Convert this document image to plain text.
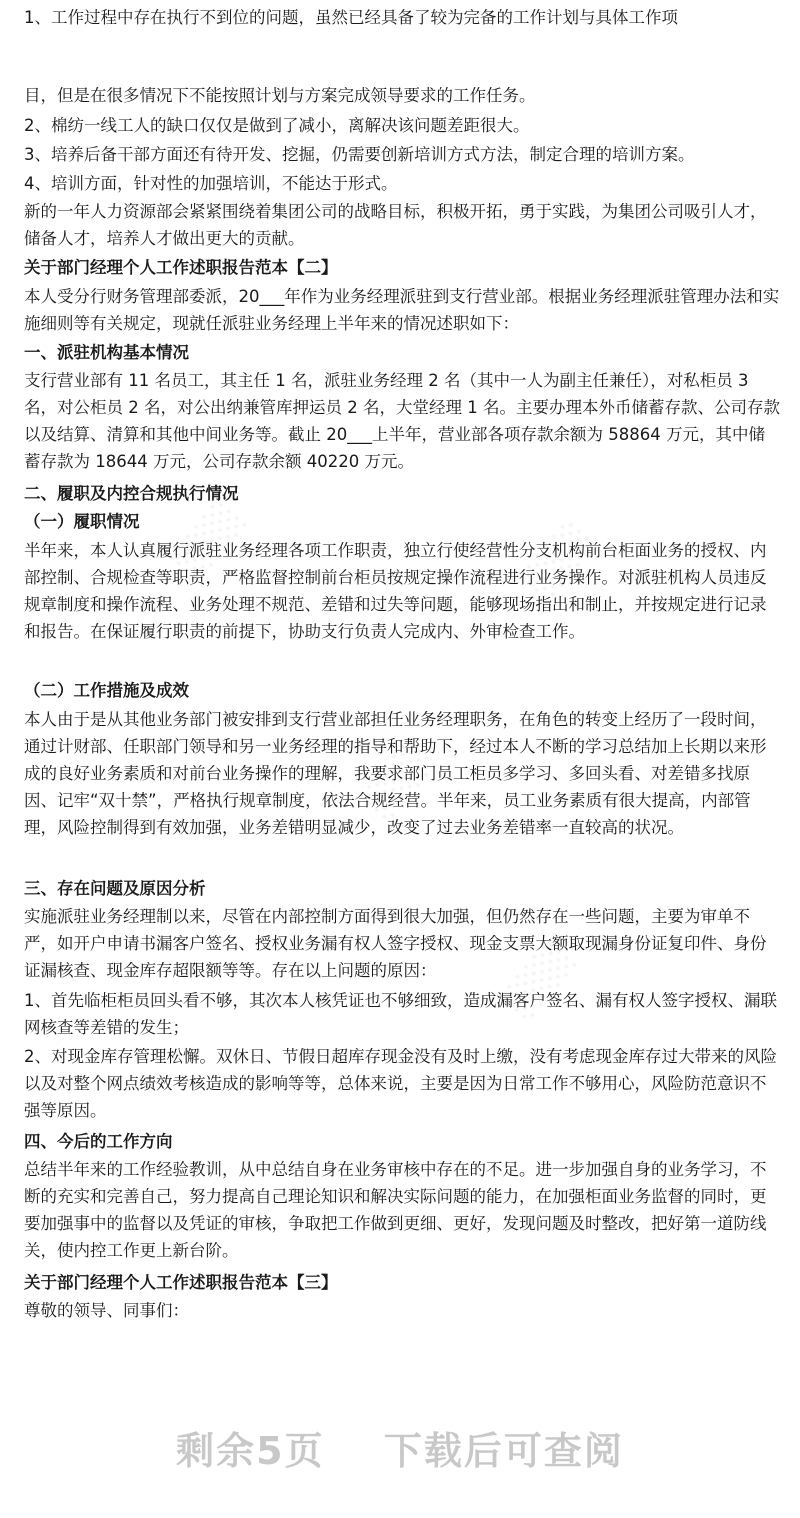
░░░	░░░
░░░
░░░

1、工作过程中存在执行不到位的问题，虽然已经具备了较为完备的工作计划与具体工作项

目，但是在很多情况下不能按照计划与方案完成领导要求的工作任务。

2、棉纺一线工人的缺口仅仅是做到了减小，离解决该问题差距很大。

3、培养后备干部方面还有待开发、挖掘，仍需要创新培训方式方法，制定合理的培训方案。

4、培训方面，针对性的加强培训，不能达于形式。

新的一年人力资源部会紧紧围绕着集团公司的战略目标，积极开拓，勇于实践，为集团公司吸引人才，储备人才，培养人才做出更大的贡献。

关于部门经理个人工作述职报告范本【二】

本人受分行财务管理部委派，20___年作为业务经理派驻到支行营业部。根据业务经理派驻管理办法和实施细则等有关规定，现就任派驻业务经理上半年来的情况述职如下：

一、派驻机构基本情况

支行营业部有 11 名员工，其主任 1 名，派驻业务经理 2 名（其中一人为副主任兼任），对私柜员 3 名，对公柜员 2 名，对公出纳兼管库押运员 2 名，大堂经理 1 名。主要办理本外币储蓄存款、公司存款以及结算、清算和其他中间业务等。截止 20___上半年，营业部各项存款余额为 58864 万元，其中储蓄存款为 18644 万元，公司存款余额 40220 万元。

二、履职及内控合规执行情况

（一）履职情况

半年来，本人认真履行派驻业务经理各项工作职责，独立行使经营性分支机构前台柜面业务的授权、内部控制、合规检查等职责，严格监督控制前台柜员按规定操作流程进行业务操作。对派驻机构人员违反规章制度和操作流程、业务处理不规范、差错和过失等问题，能够现场指出和制止，并按规定进行记录和报告。在保证履行职责的前提下，协助支行负责人完成内、外审检查工作。

（二）工作措施及成效

本人由于是从其他业务部门被安排到支行营业部担任业务经理职务，在角色的转变上经历了一段时间，通过计财部、任职部门领导和另一业务经理的指导和帮助下，经过本人不断的学习总结加上长期以来形成的良好业务素质和对前台业务操作的理解，我要求部门员工柜员多学习、多回头看、对差错多找原因、记牢“双十禁”，严格执行规章制度，依法合规经营。半年来，员工业务素质有很大提高，内部管理，风险控制得到有效加强，业务差错明显减少，改变了过去业务差错率一直较高的状况。

三、存在问题及原因分析

实施派驻业务经理制以来，尽管在内部控制方面得到很大加强，但仍然存在一些问题，主要为审单不严，如开户申请书漏客户签名、授权业务漏有权人签字授权、现金支票大额取现漏身份证复印件、身份证漏核查、现金库存超限额等等。存在以上问题的原因：

1、首先临柜柜员回头看不够，其次本人核凭证也不够细致，造成漏客户签名、漏有权人签字授权、漏联网核查等差错的发生；

2、对现金库存管理松懈。双休日、节假日超库存现金没有及时上缴，没有考虑现金库存过大带来的风险以及对整个网点绩效考核造成的影响等等，总体来说，主要是因为日常工作不够用心，风险防范意识不强等原因。

四、今后的工作方向

总结半年来的工作经验教训，从中总结自身在业务审核中存在的不足。进一步加强自身的业务学习，不断的充实和完善自己，努力提高自己理论知识和解决实际问题的能力，在加强柜面业务监督的同时，更要加强事中的监督以及凭证的审核，争取把工作做到更细、更好，发现问题及时整改，把好第一道防线关，使内控工作更上新台阶。

关于部门经理个人工作述职报告范本【三】

尊敬的领导、同事们：

剩余5页 下载后可查阅
